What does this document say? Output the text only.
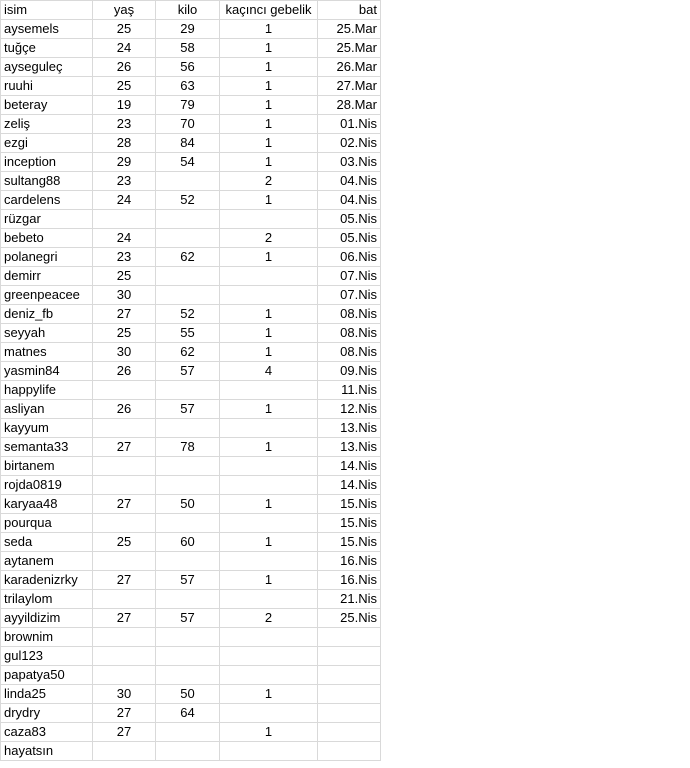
isim	yaş	kilo	kaçıncı gebelik	bat
aysemels	25	29	1	25.Mar
tuğçe	24	58	1	25.Mar
ayseguleç	26	56	1	26.Mar
ruuhi	25	63	1	27.Mar
beteray	19	79	1	28.Mar
zeliş	23	70	1	01.Nis
ezgi	28	84	1	02.Nis
inception	29	54	1	03.Nis
sultang88	23		2	04.Nis
cardelens	24	52	1	04.Nis
rüzgar				05.Nis
bebeto	24		2	05.Nis
polanegri	23	62	1	06.Nis
demirr	25			07.Nis
greenpeacee	30			07.Nis
deniz_fb	27	52	1	08.Nis
seyyah	25	55	1	08.Nis
matnes	30	62	1	08.Nis
yasmin84	26	57	4	09.Nis
happylife				11.Nis
asliyan	26	57	1	12.Nis
kayyum				13.Nis
semanta33	27	78	1	13.Nis
birtanem				14.Nis
rojda0819				14.Nis
karyaa48	27	50	1	15.Nis
pourqua				15.Nis
seda	25	60	1	15.Nis
aytanem				16.Nis
karadenizrky	27	57	1	16.Nis
trilaylom				21.Nis
ayyildizim	27	57	2	25.Nis
brownim				
gul123				
papatya50				
linda25	30	50	1	
drydry	27	64		
caza83	27		1	
hayatsın				
